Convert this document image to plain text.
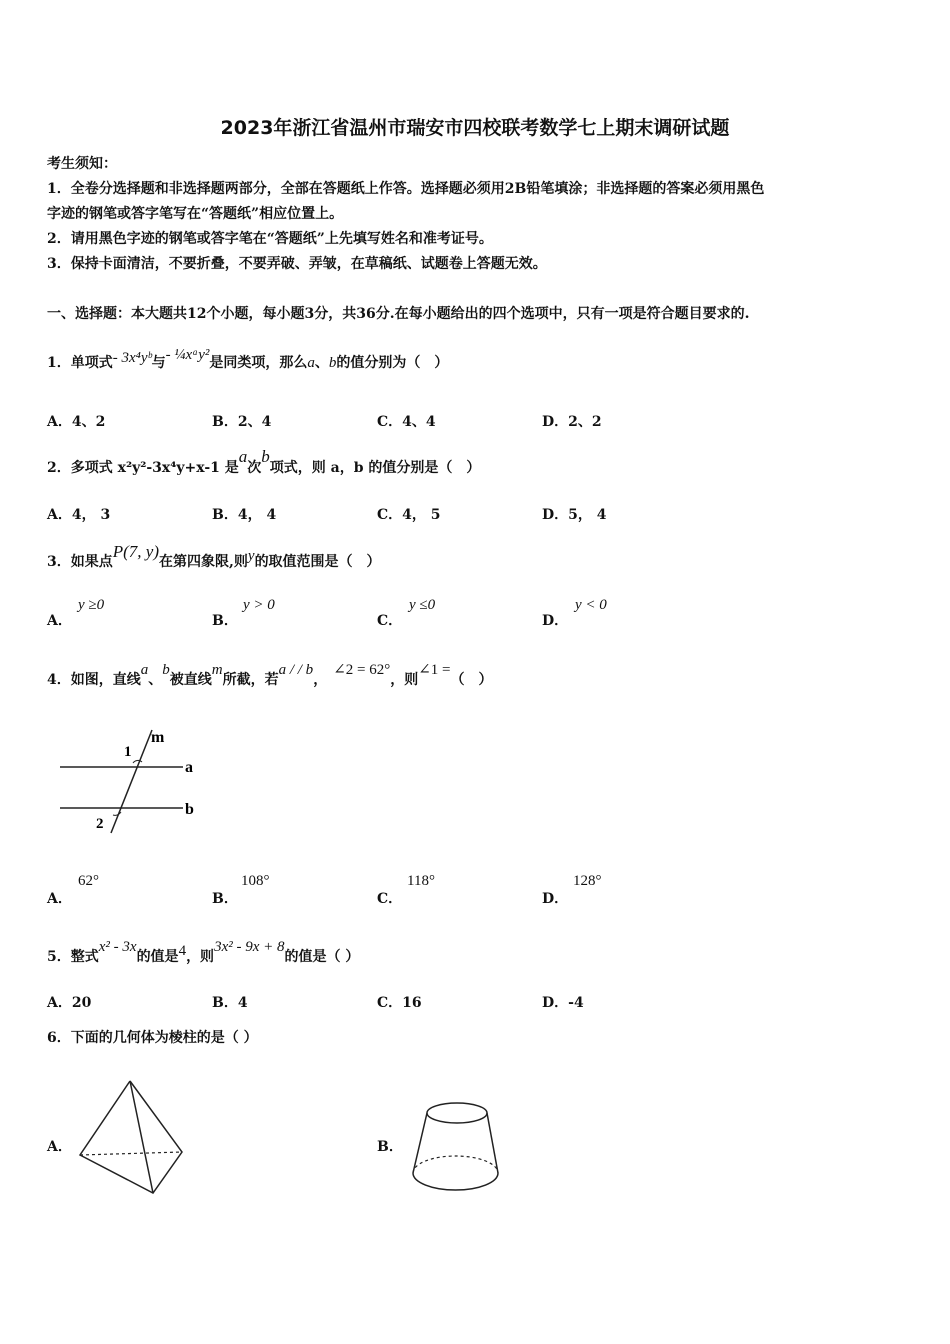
2023年浙江省温州市瑞安市四校联考数学七上期末调研试题
考生须知：
1．全卷分选择题和非选择题两部分，全部在答题纸上作答。选择题必须用2B铅笔填涂；非选择题的答案必须用黑色
字迹的钢笔或答字笔写在“答题纸”相应位置上。
2．请用黑色字迹的钢笔或答字笔在“答题纸”上先填写姓名和准考证号。
3．保持卡面清洁，不要折叠，不要弄破、弄皱，在草稿纸、试题卷上答题无效。
一、选择题：本大题共12个小题，每小题3分，共36分.在每小题给出的四个选项中，只有一项是符合题目要求的.
1．单项式- 3x⁴yᵇ与- ¼xᵃy²是同类项，那么a、b的值分别为（　）
A．4、2	B．2、4	C．4、4	D．2、2
2．多项式 x²y²-3x⁴y+x-1 是a次b项式，则 a，b 的值分别是（　）
A．4， 3	B．4， 4	C．4， 5	D．5， 4
3．如果点P(7, y)在第四象限,则y的取值范围是（　）
A．
y ≥0
B．
y > 0
C．
y ≤0
D．
y < 0
4．如图，直线a、b被直线m所截，若a / / b，∠2 = 62°，则∠1 =（　）
1
2
m
a
b
A．
62°
B．
108°
C．
118°
D．
128°
5．整式x² - 3x的值是4，则3x² - 9x + 8的值是（ ）
A．20	B．4	C．16	D．-4
6．下面的几何体为棱柱的是（ ）
A．	B．
